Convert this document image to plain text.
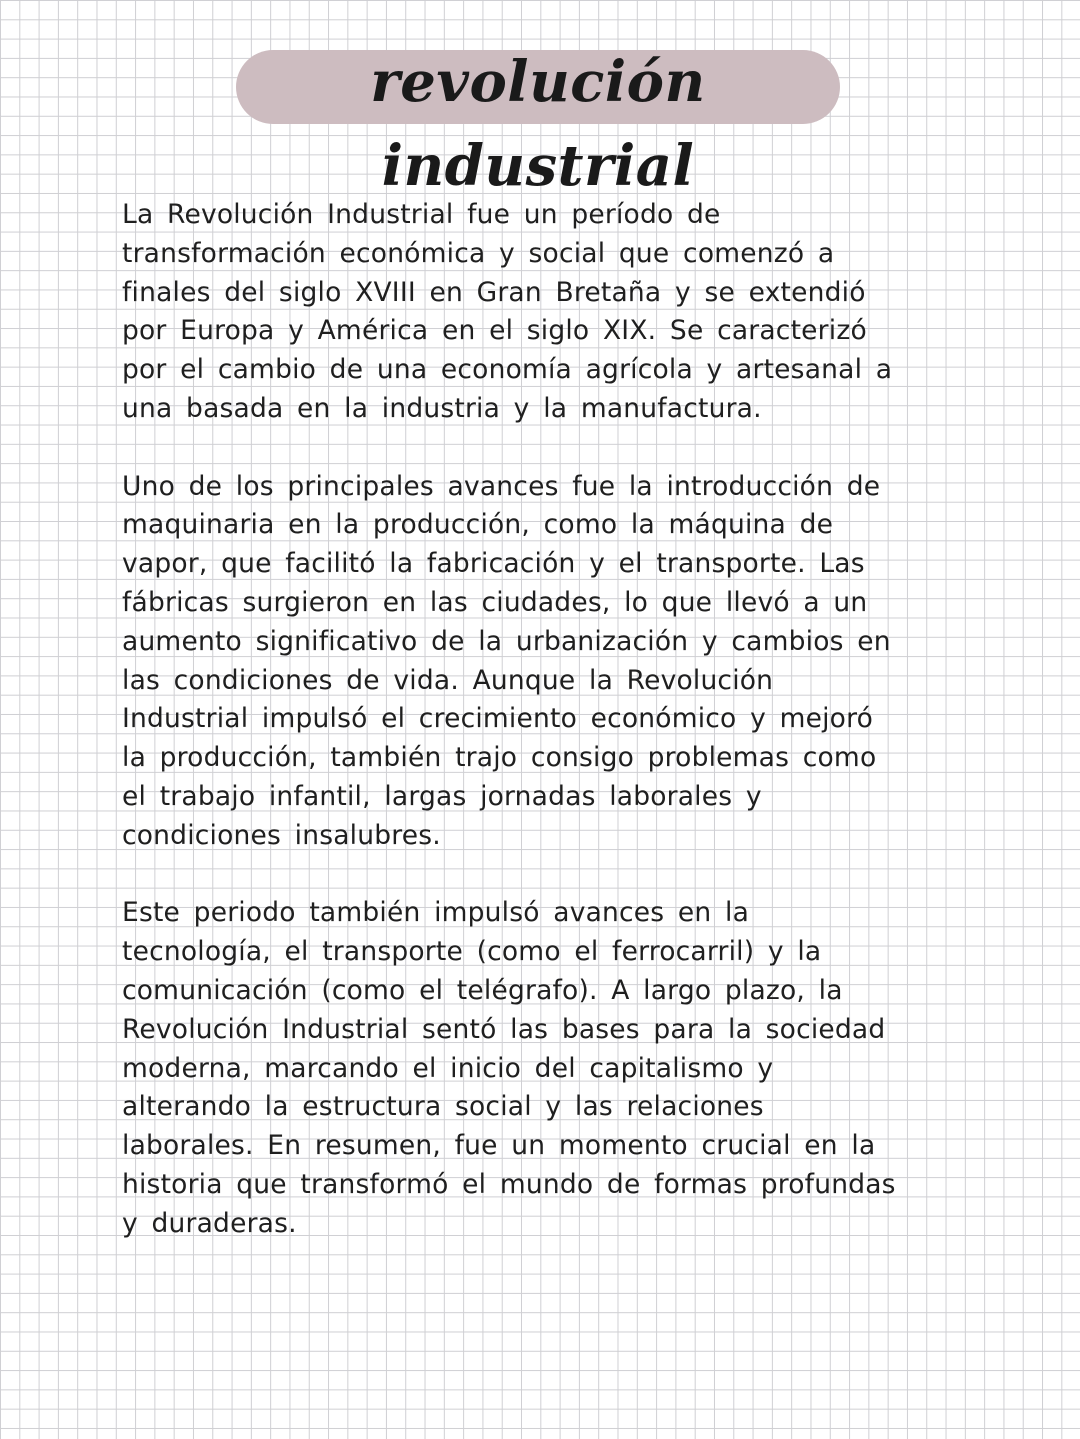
revolución industrial
La Revolución Industrial fue un período de
transformación económica y social que comenzó a
finales del siglo XVIII en Gran Bretaña y se extendió
por Europa y América en el siglo XIX. Se caracterizó
por el cambio de una economía agrícola y artesanal a
una basada en la industria y la manufactura.
Uno de los principales avances fue la introducción de
maquinaria en la producción, como la máquina de
vapor, que facilitó la fabricación y el transporte. Las
fábricas surgieron en las ciudades, lo que llevó a un
aumento significativo de la urbanización y cambios en
las condiciones de vida. Aunque la Revolución
Industrial impulsó el crecimiento económico y mejoró
la producción, también trajo consigo problemas como
el trabajo infantil, largas jornadas laborales y
condiciones insalubres.
Este periodo también impulsó avances en la
tecnología, el transporte (como el ferrocarril) y la
comunicación (como el telégrafo). A largo plazo, la
Revolución Industrial sentó las bases para la sociedad
moderna, marcando el inicio del capitalismo y
alterando la estructura social y las relaciones
laborales. En resumen, fue un momento crucial en la
historia que transformó el mundo de formas profundas
y duraderas.
